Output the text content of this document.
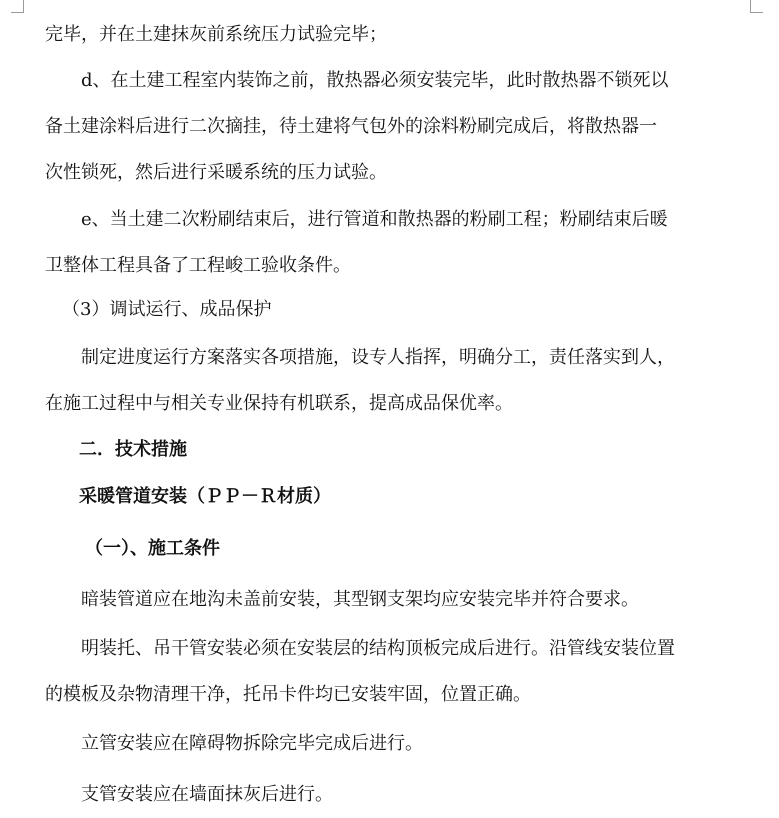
完毕，并在土建抹灰前系统压力试验完毕；
d、在土建工程室内装饰之前，散热器必须安装完毕，此时散热器不锁死以
备土建涂料后进行二次摘挂，待土建将气包外的涂料粉刷完成后，将散热器一
次性锁死，然后进行采暖系统的压力试验。
e、当土建二次粉刷结束后，进行管道和散热器的粉刷工程；粉刷结束后暖
卫整体工程具备了工程峻工验收条件。
（3）调试运行、成品保护
制定进度运行方案落实各项措施，设专人指挥，明确分工，责任落实到人，
在施工过程中与相关专业保持有机联系，提高成品保优率。
二．技术措施
采暖管道安装（ＰＰ－Ｒ材质）
（一）、施工条件
暗装管道应在地沟未盖前安装，其型钢支架均应安装完毕并符合要求。
明装托、吊干管安装必须在安装层的结构顶板完成后进行。沿管线安装位置
的模板及杂物清理干净，托吊卡件均已安装牢固，位置正确。
立管安装应在障碍物拆除完毕完成后进行。
支管安装应在墙面抹灰后进行。
